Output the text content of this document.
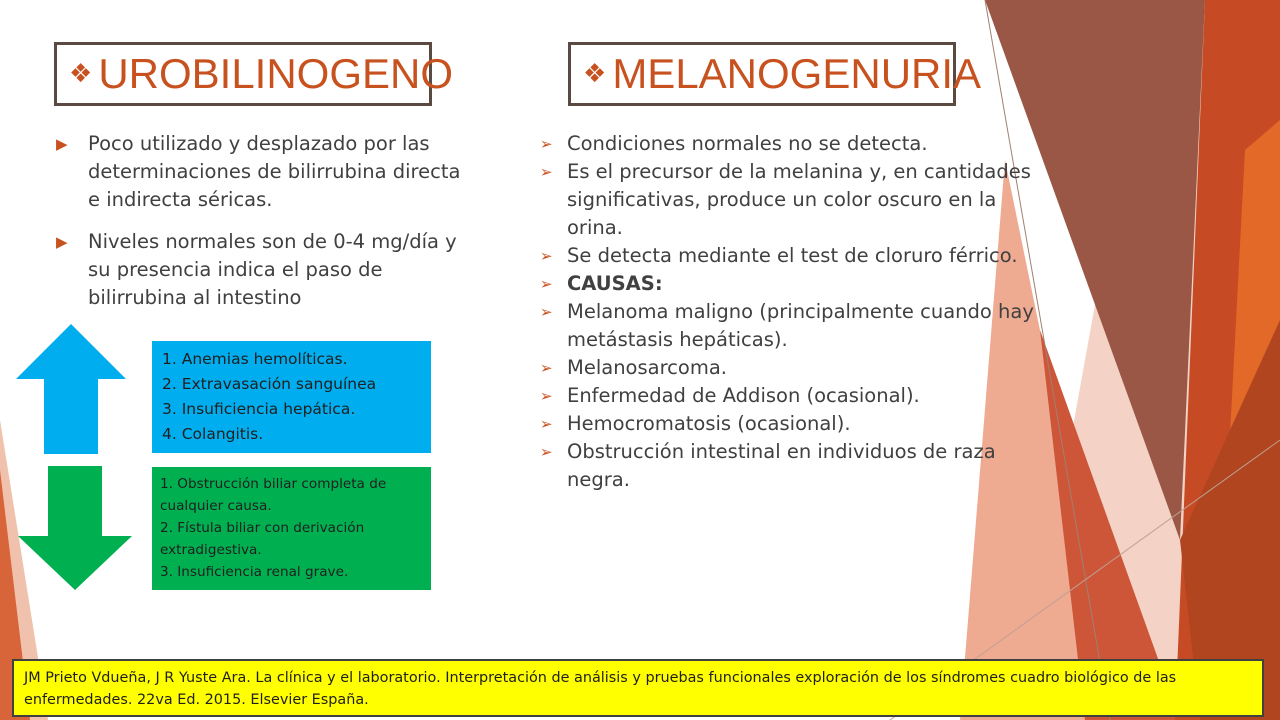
❖ UROBILINOGENO	❖ MELANOGENURIA
▶ Poco utilizado y desplazado por las determinaciones de bilirrubina directa e indirecta séricas.
▶ Niveles normales son de 0-4 mg/día y su presencia indica el paso de bilirrubina al intestino
1. Anemias hemolíticas.
2. Extravasación sanguínea
3. Insuficiencia hepática.
4. Colangitis.
1. Obstrucción biliar completa de cualquier causa.
2. Fístula biliar con derivación extradigestiva.
3. Insuficiencia renal grave.
➢ Condiciones normales no se detecta.
➢ Es el precursor de la melanina y, en cantidades significativas, produce un color oscuro en la orina.
➢ Se detecta mediante el test de cloruro férrico.
➢ CAUSAS:
➢ Melanoma maligno (principalmente cuando hay metástasis hepáticas).
➢ Melanosarcoma.
➢ Enfermedad de Addison (ocasional).
➢ Hemocromatosis (ocasional).
➢ Obstrucción intestinal en individuos de raza negra.
JM Prieto Vdueña, J R Yuste Ara. La clínica y el laboratorio. Interpretación de análisis y pruebas funcionales exploración de los síndromes cuadro biológico de las enfermedades. 22va Ed. 2015. Elsevier España.
